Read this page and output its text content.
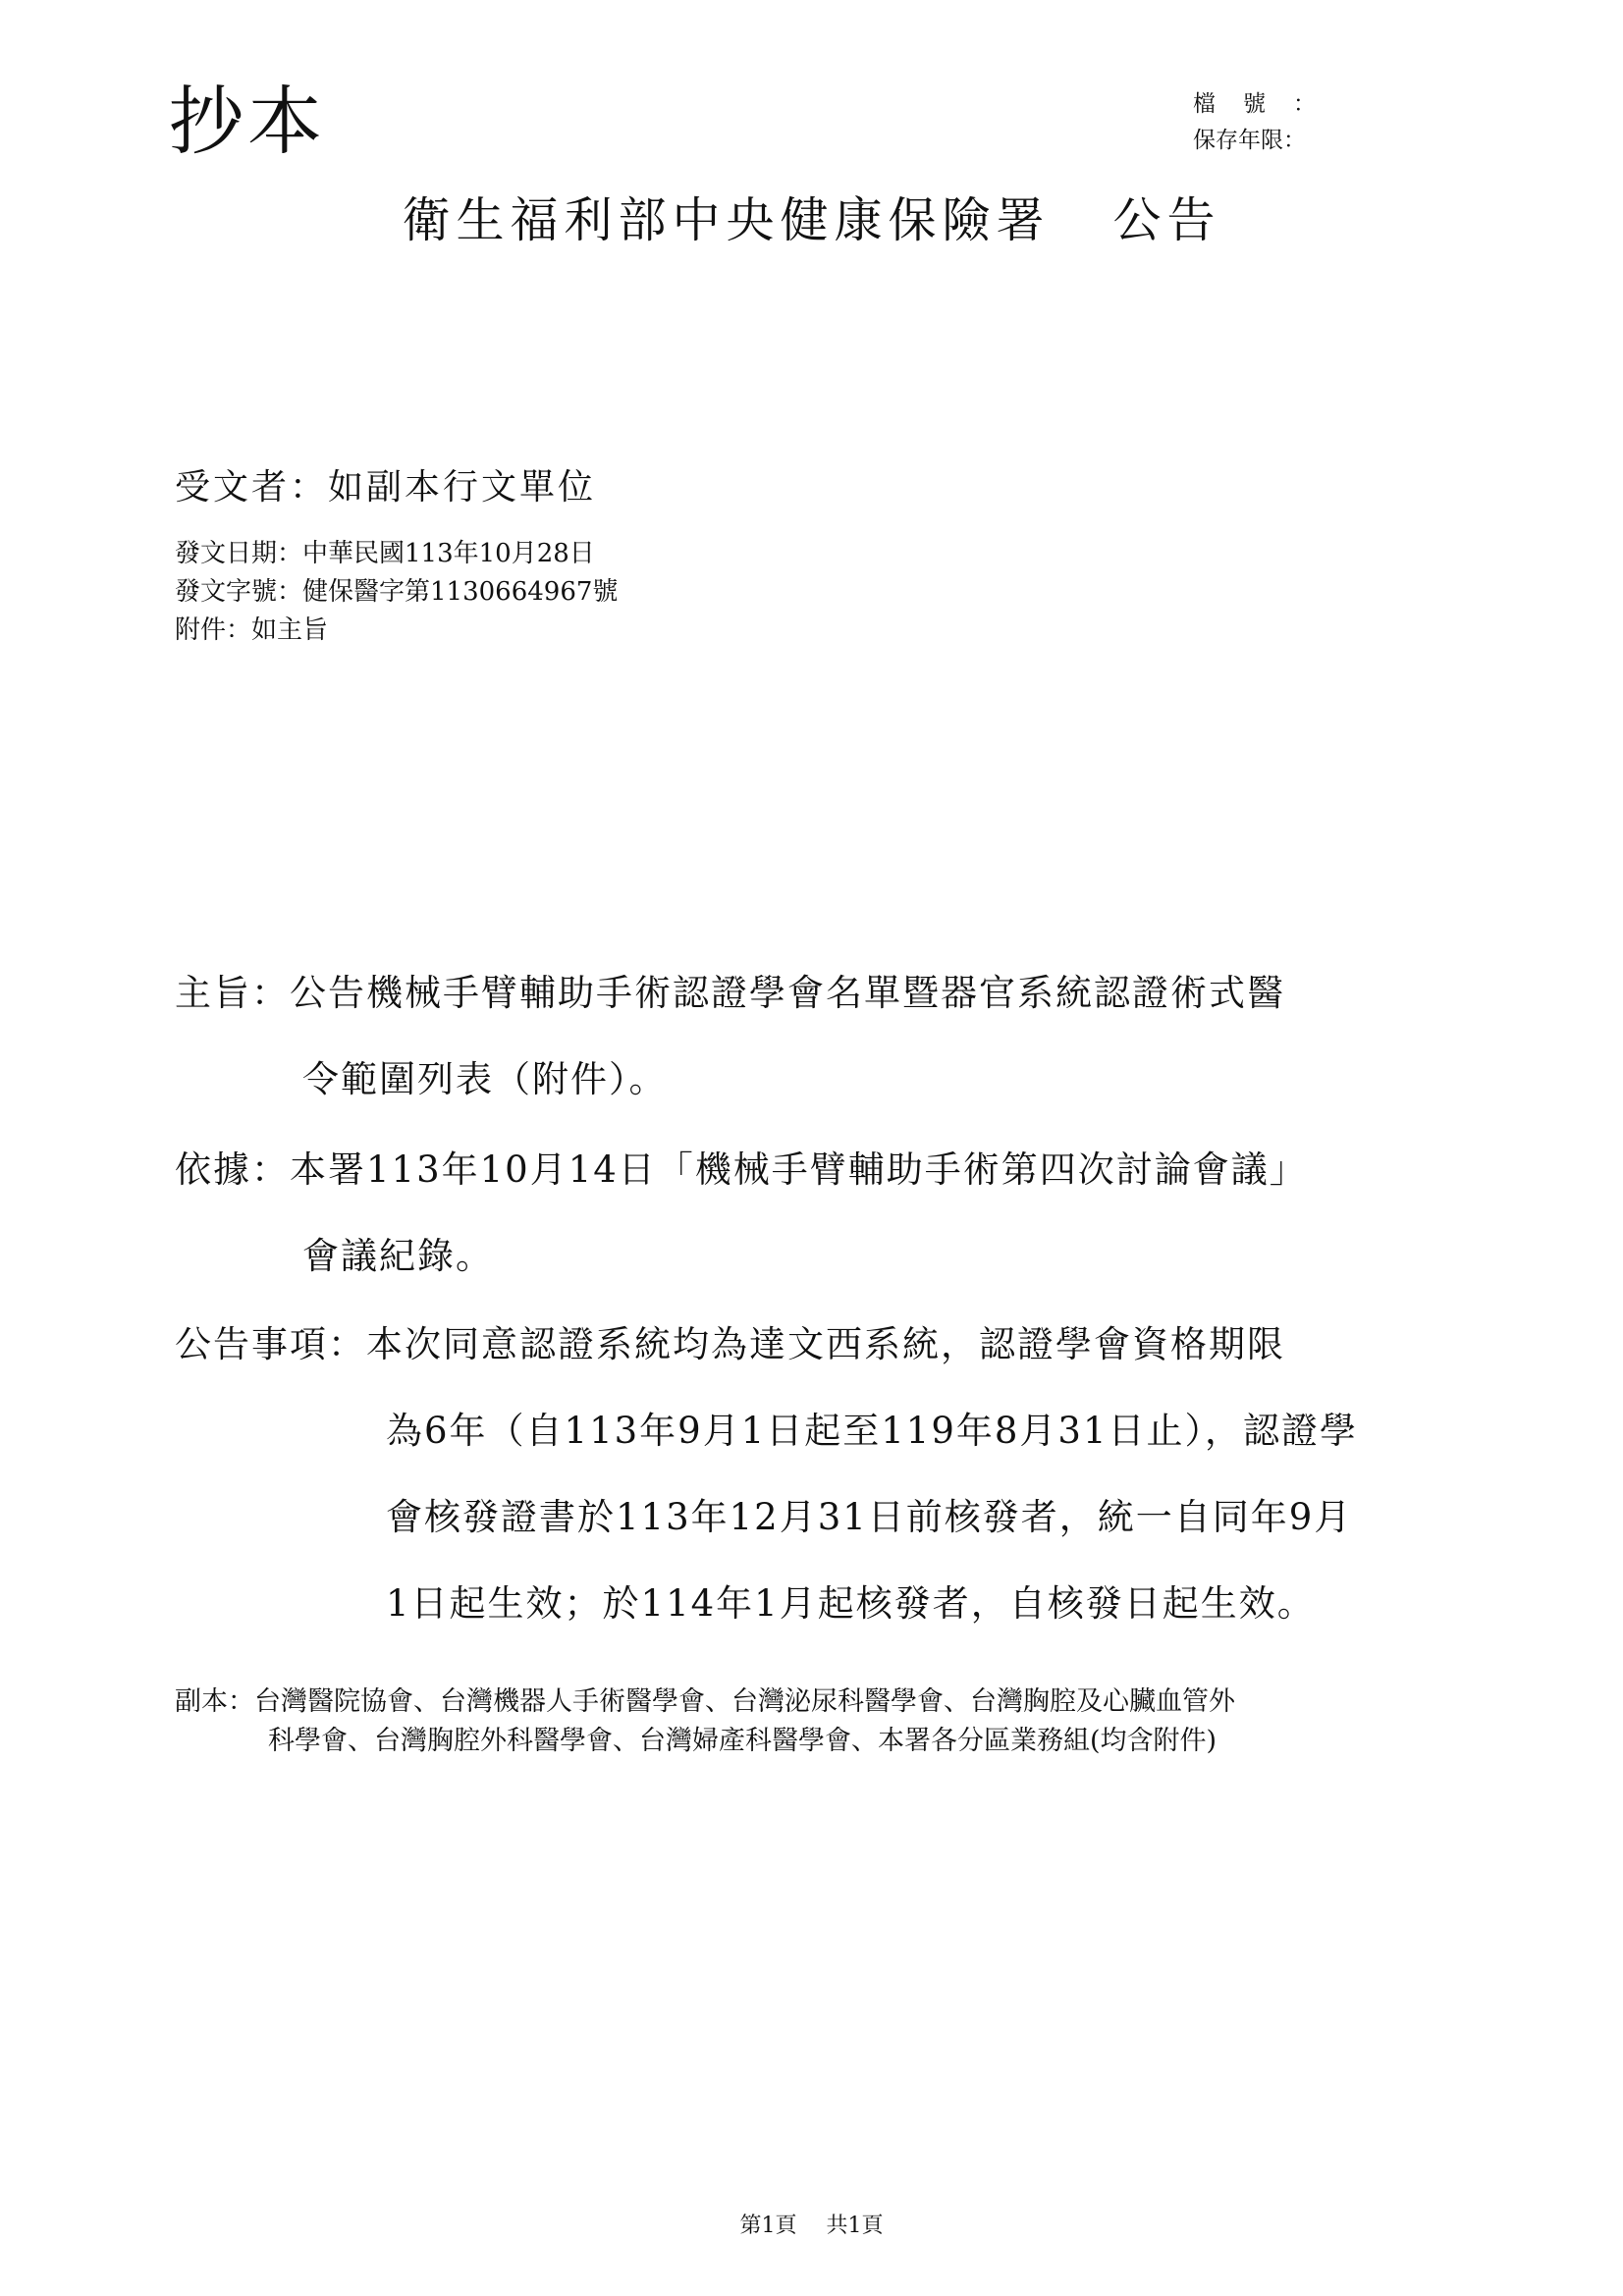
抄本	檔號：
保存年限：
衛生福利部中央健康保險署 公告
受文者：如副本行文單位
發文日期：中華民國113年10月28日
發文字號：健保醫字第1130664967號
附件：如主旨
主旨：公告機械手臂輔助手術認證學會名單暨器官系統認證術式醫
令範圍列表（附件）。
依據：本署113年10月14日「機械手臂輔助手術第四次討論會議」
會議紀錄。
公告事項：本次同意認證系統均為達文西系統，認證學會資格期限
為6年（自113年9月1日起至119年8月31日止），認證學
會核發證書於113年12月31日前核發者，統一自同年9月
1日起生效；於114年1月起核發者，自核發日起生效。
副本：台灣醫院協會、台灣機器人手術醫學會、台灣泌尿科醫學會、台灣胸腔及心臟血管外
科學會、台灣胸腔外科醫學會、台灣婦產科醫學會、本署各分區業務組(均含附件)
第1頁 共1頁
